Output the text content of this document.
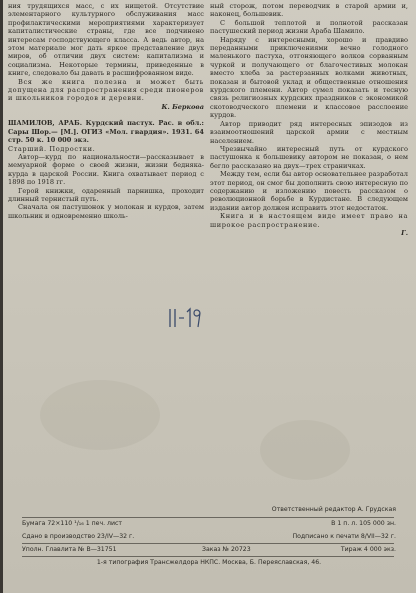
ния трудящихся масс, с их нищетой. Отсутствие элементарного культурного обслуживания масс профилактическими мероприятиями характеризует капиталистические страны, где все подчинено интересам господствующего класса. А ведь автор, на этом материале мог дать яркое представление двух миров, об отличии двух систем: капитализма и социализма. Некоторые термины, приведенные в книге, следовало бы давать в расшифрованном виде.

Вся же книга полезна и может быть допущена для распространения среди пионеров и школьников городов и деревни.

К. Беркова

ШАМИЛОВ, АРАБ. Курдский пастух. Рас. в обл.: Сары Шор.— [М.]. ОГИЗ «Мол. гвардия». 1931. 64 стр. 50 к. 10 000 экз.

Старший. Подростки.

Автор—курд по национальности—рассказывает в мемуарной форме о своей жизни, жизни бедняка-курда в царской России. Книга охватывает период с 1898 по 1918 гг.

Герой книжки, одаренный парнишка, проходит длинный тернистый путь.

Сначала он пастушонок у молокан и курдов, затем школьник и одновременно школь-

ный сторож, потом переводчик в старой армии и, наконец, большевик.

С большой теплотой и полнотой рассказан пастушеский период жизни Араба Шамило.

Наряду с интересными, хорошо и правдиво переданными приключениями вечно голодного маленького пастуха, отгоняющего волков сорванным чуркой и получающего от благочестивых молокан вместо хлеба за растерзанных волками животных, показан и бытовой уклад и общественные отношения курдского племени. Автор сумел показать и тесную связь религиозных курдских праздников с экономикой скотоводческого племени и классовое расслоение курдов.

Автор приводит ряд интересных эпизодов из взаимоотношений царской армии с местным населением.

Чрезвычайно интересный путь от курдского пастушонка к большевику автором не показан, о нем бегло рассказано на двух—трех страничках.

Между тем, если бы автор основательнее разработал этот период, он смог бы дополнить свою интересную по содержанию и изложению повесть рассказом о революционной борьбе в Курдистане. В следующем издании автор должен исправить этот недостаток.

Книга и в настоящем виде имеет право на широкое распространение.

Г.

Ответственный редактор А. Грудская
Бумага 72×110 ¹/₁₆ 1 печ. лист	В 1 п. л. 105 000 зн.
Сдано в производство 23/IV—32 г.	Подписано к печати 8/VII—32 г.
Уполн. Главлита № В—31751	Заказ № 20723	Тираж 4 000 экз.
1-я типография Трансжелдора НКПС. Москва, Б. Переяславская, 46.
